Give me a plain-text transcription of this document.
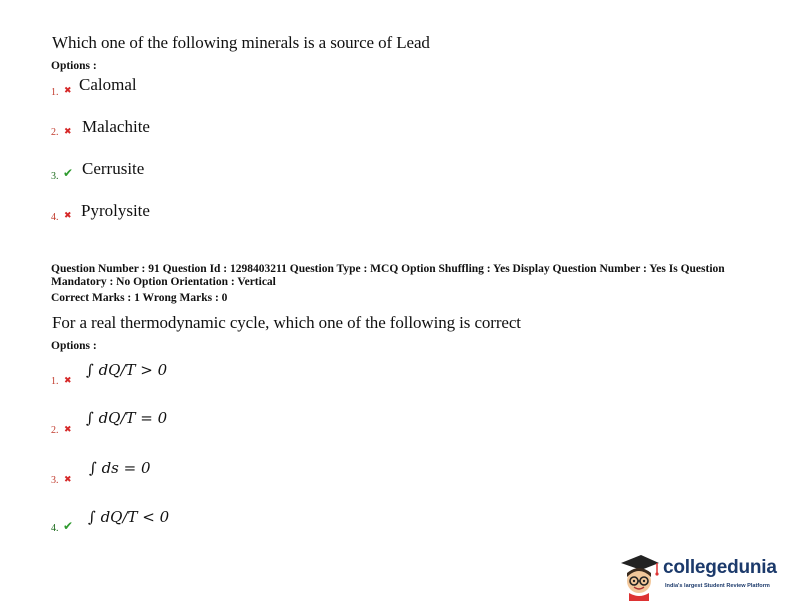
Which one of the following minerals is a source of Lead
Options :
1. ✖ Calomal
2. ✖ Malachite
3. ✔ Cerrusite
4. ✖ Pyrolysite
Question Number : 91 Question Id : 1298403211 Question Type : MCQ Option Shuffling : Yes Display Question Number : Yes Is Question Mandatory : No Option Orientation : Vertical
Correct Marks : 1 Wrong Marks : 0
For a real thermodynamic cycle, which one of the following is correct
Options :
1. ✖
∫ dQ/T > 0
2. ✖
∫ dQ/T = 0
3. ✖
∫ ds = 0
4. ✔ ∫ dQ/T < 0
collegedunia
India's largest Student Review Platform
